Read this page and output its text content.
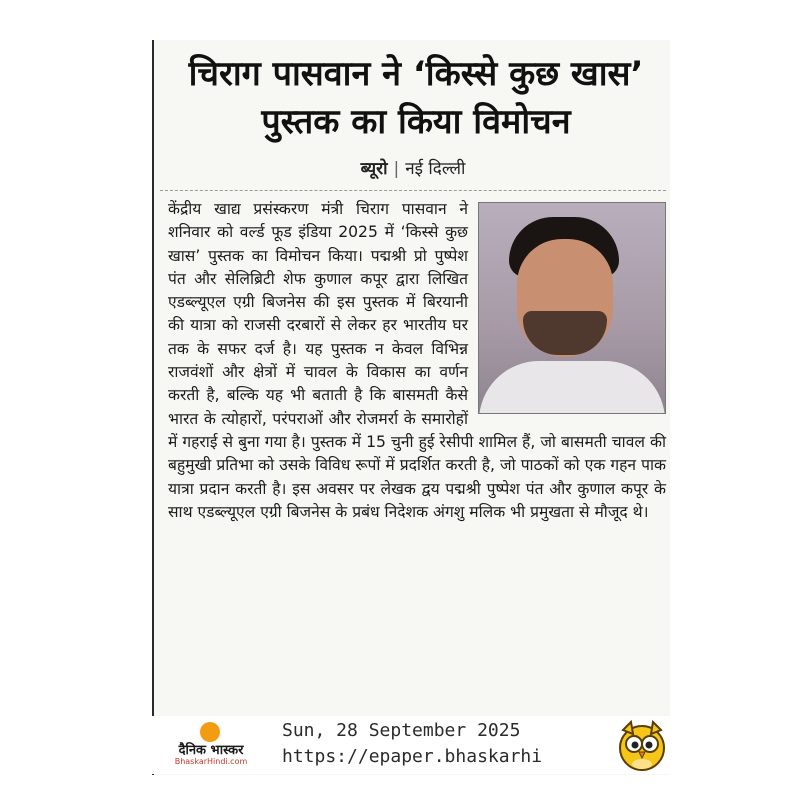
चिराग पासवान ने ‘किस्से कुछ खास’ पुस्तक का किया विमोचन
ब्यूरो | नई दिल्ली
केंद्रीय खाद्य प्रसंस्करण मंत्री चिराग पासवान ने शनिवार को वर्ल्ड फूड इंडिया 2025 में ‘किस्से कुछ खास’ पुस्तक का विमोचन किया। पद्मश्री प्रो पुष्पेश पंत और सेलिब्रिटी शेफ कुणाल कपूर द्वारा लिखित एडब्ल्यूएल एग्री बिजनेस की इस पुस्तक में बिरयानी की यात्रा को राजसी दरबारों से लेकर हर भारतीय घर तक के सफर दर्ज है। यह पुस्तक न केवल विभिन्न राजवंशों और क्षेत्रों में चावल के विकास का वर्णन करती है, बल्कि यह भी बताती है कि बासमती कैसे भारत के त्योहारों, परंपराओं और रोजमर्रा के समारोहों में गहराई से बुना गया है। पुस्तक में 15 चुनी हुई रेसीपी शामिल हैं, जो बासमती चावल की बहुमुखी प्रतिभा को उसके विविध रूपों में प्रदर्शित करती है, जो पाठकों को एक गहन पाक यात्रा प्रदान करती है। इस अवसर पर लेखक द्वय पद्मश्री पुष्पेश पंत और कुणाल कपूर के साथ एडब्ल्यूएल एग्री बिजनेस के प्रबंध निदेशक अंगशु मलिक भी प्रमुखता से मौजूद थे।
दैनिक भास्कर
BhaskarHindi.com
Sun, 28 September 2025
https://epaper.bhaskarhi
